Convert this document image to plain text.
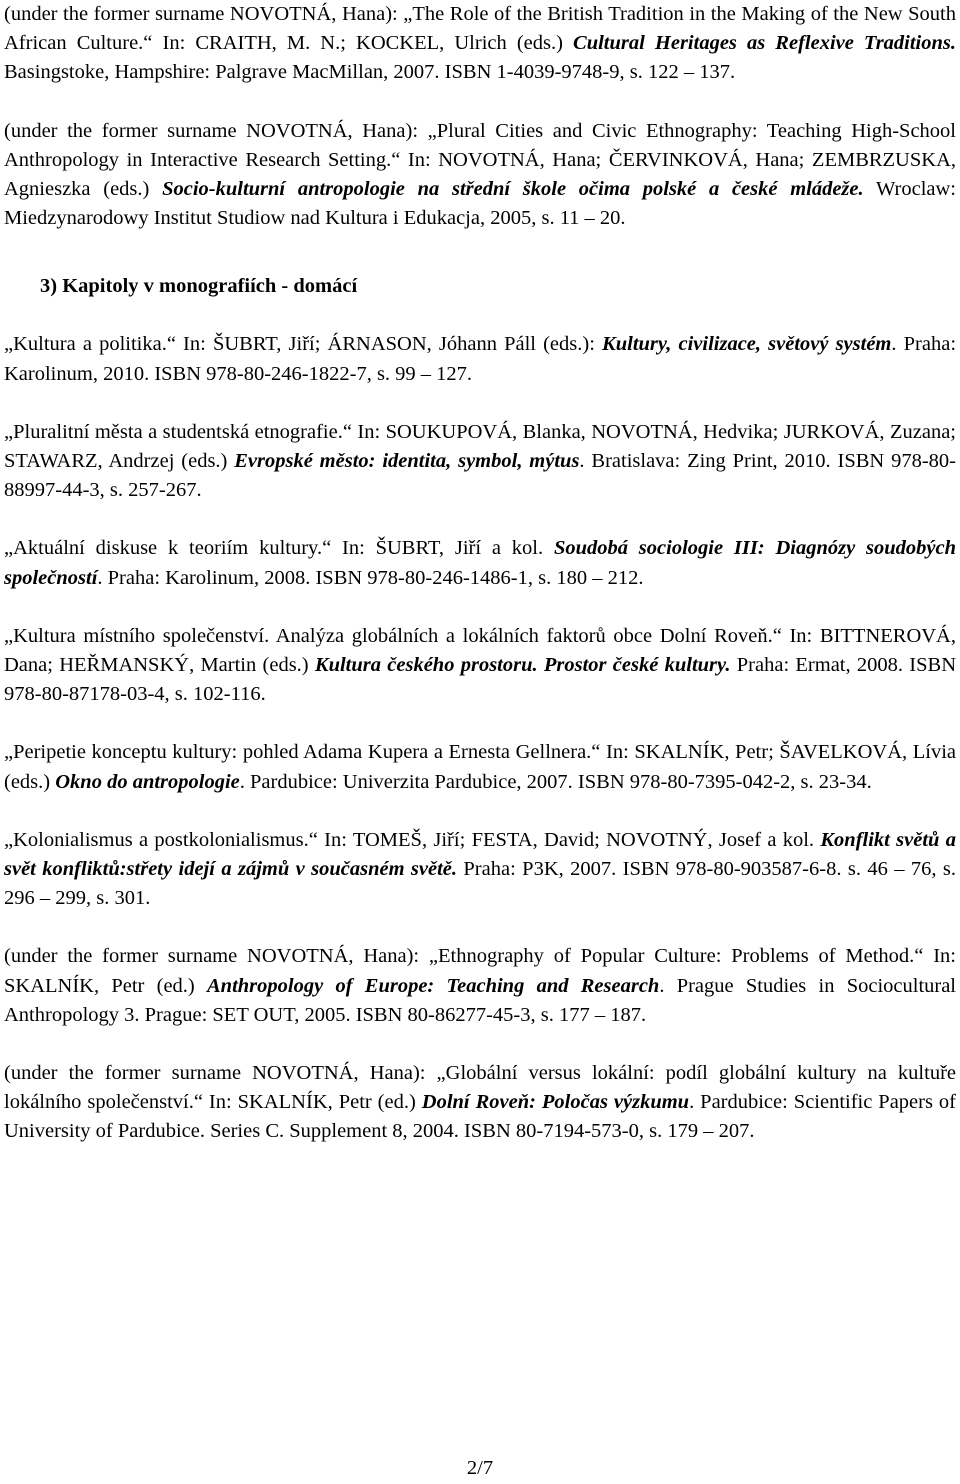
(under the former surname NOVOTNÁ, Hana): „The Role of the British Tradition in the Making of the New South African Culture.“ In: CRAITH, M. N.; KOCKEL, Ulrich (eds.) Cultural Heritages as Reflexive Traditions. Basingstoke, Hampshire: Palgrave MacMillan, 2007. ISBN 1-4039-9748-9, s. 122 – 137.

(under the former surname NOVOTNÁ, Hana): „Plural Cities and Civic Ethnography: Teaching High-School Anthropology in Interactive Research Setting.“ In: NOVOTNÁ, Hana; ČERVINKOVÁ, Hana; ZEMBRZUSKA, Agnieszka (eds.) Socio-kulturní antropologie na střední škole očima polské a české mládeže. Wroclaw: Miedzynarodowy Institut Studiow nad Kultura i Edukacja, 2005, s. 11 – 20.

3) Kapitoly v monografiích - domácí

„Kultura a politika.“ In: ŠUBRT, Jiří; ÁRNASON, Jóhann Páll (eds.): Kultury, civilizace, světový systém. Praha: Karolinum, 2010. ISBN 978-80-246-1822-7, s. 99 – 127.

„Pluralitní města a studentská etnografie.“ In: SOUKUPOVÁ, Blanka, NOVOTNÁ, Hedvika; JURKOVÁ, Zuzana; STAWARZ, Andrzej (eds.) Evropské město: identita, symbol, mýtus. Bratislava: Zing Print, 2010. ISBN 978-80-88997-44-3, s. 257-267.

„Aktuální diskuse k teoriím kultury.“ In: ŠUBRT, Jiří a kol. Soudobá sociologie III: Diagnózy soudobých společností. Praha: Karolinum, 2008. ISBN 978-80-246-1486-1, s. 180 – 212.

„Kultura místního společenství. Analýza globálních a lokálních faktorů obce Dolní Roveň.“ In: BITTNEROVÁ, Dana; HEŘMANSKÝ, Martin (eds.) Kultura českého prostoru. Prostor české kultury. Praha: Ermat, 2008. ISBN 978-80-87178-03-4, s. 102-116.

„Peripetie konceptu kultury: pohled Adama Kupera a Ernesta Gellnera.“ In: SKALNÍK, Petr; ŠAVELKOVÁ, Lívia (eds.) Okno do antropologie. Pardubice: Univerzita Pardubice, 2007. ISBN 978-80-7395-042-2, s. 23-34.

„Kolonialismus a postkolonialismus.“ In: TOMEŠ, Jiří; FESTA, David; NOVOTNÝ, Josef a kol. Konflikt světů a svět konfliktů:střety idejí a zájmů v současném světě. Praha: P3K, 2007. ISBN 978-80-903587-6-8. s. 46 – 76, s. 296 – 299, s. 301.

(under the former surname NOVOTNÁ, Hana): „Ethnography of Popular Culture: Problems of Method.“ In: SKALNÍK, Petr (ed.) Anthropology of Europe: Teaching and Research. Prague Studies in Sociocultural Anthropology 3. Prague: SET OUT, 2005. ISBN 80-86277-45-3, s. 177 – 187.

(under the former surname NOVOTNÁ, Hana): „Globální versus lokální: podíl globální kultury na kultuře lokálního společenství.“ In: SKALNÍK, Petr (ed.) Dolní Roveň: Poločas výzkumu. Pardubice: Scientific Papers of University of Pardubice. Series C. Supplement 8, 2004. ISBN 80-7194-573-0, s. 179 – 207.

2/7
